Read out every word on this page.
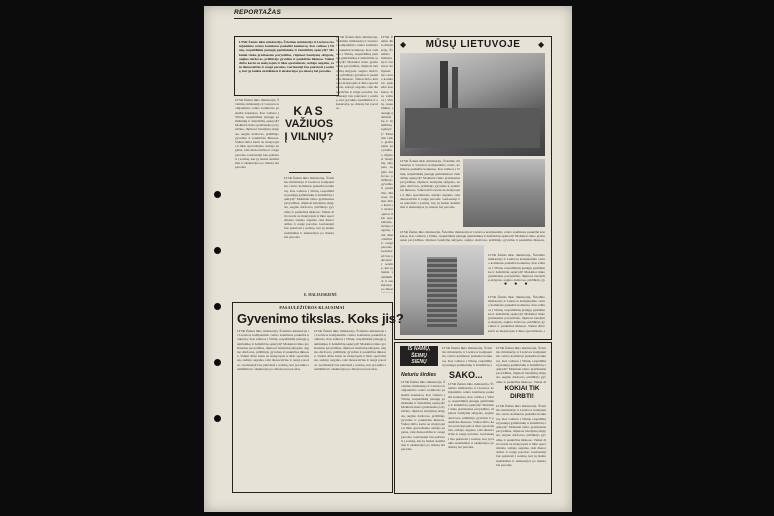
REPORTAŽAS
LTSR Žemės ūkio ministerija, Švietimo ministerija ir Lietuvos komjaunimo centro komitetas paskelbė konkursą. Kas važiuos į Vilnių, respublikinį jaunųjų gamtininkų ir žemdirbių sąskrydį? Mokiniai rinko gražiausius pavyzdžius, rūpinosi bandymų sklypais, augino daržoves, prižiūrėjo gyvulius ir paukščius ūkiuose. Vaikai dirbo kartu su mokytojais ir ūkio specialistais, stebėjo augalus, rašė dienoraščius ir rengė parodas. Geriausieji bus pakviesti į sostinę, kur jų laukia susitikimai ir ekskursijos po miestą bei parodas.
LTSR Žemės ūkio ministerija, Švietimo ministerija ir Lietuvos komjaunimo centro komitetas paskelbė konkursą. Kas važiuos į Vilnių, respublikinį jaunųjų gamtininkų ir žemdirbių sąskrydį? Mokiniai rinko gražiausius pavyzdžius, rūpinosi bandymų sklypais, augino daržoves, prižiūrėjo gyvulius ir paukščius ūkiuose. Vaikai dirbo kartu su mokytojais ir ūkio specialistais, stebėjo augalus, rašė dienoraščius ir rengė parodas. Geriausieji bus pakviesti į sostinę, kur jų laukia susitikimai ir ekskursijos po miestą bei parodas.
LTSR Žemės ūkio ministerija, Švietimo ministerija ir Lietuvos komjaunimo centro komitetas paskelbė konkursą. Kas važiuos į Vilnių, respublikinį jaunųjų gamtininkų ir žemdirbių sąskrydį? Mokiniai rinko gražiausius pavyzdžius, rūpinosi bandymų sklypais, augino daržoves, prižiūrėjo gyvulius ir paukščius ūkiuose. Vaikai dirbo kartu su mokytojais ir ūkio specialistais, stebėjo augalus, rašė dienoraščius ir rengė parodas. Geriausieji bus pakviesti į sostinę, kur jų laukia susitikimai ir ekskursijos po miestą bei parodas.
KAS
VAŽIUOS
Į VILNIŲ?
LTSR Žemės ūkio ministerija, Švietimo ministerija ir Lietuvos komjaunimo centro komitetas paskelbė konkursą. Kas važiuos į Vilnių, respublikinį jaunųjų gamtininkų ir žemdirbių sąskrydį? Mokiniai rinko gražiausius pavyzdžius, rūpinosi bandymų sklypais, augino daržoves, prižiūrėjo gyvulius ir paukščius ūkiuose. Vaikai dirbo kartu su mokytojais ir ūkio specialistais, stebėjo augalus, rašė dienoraščius ir rengė parodas. Geriausieji bus pakviesti į sostinę, kur jų laukia susitikimai ir ekskursijos po miestą bei parodas.
E. MALIAUSKIENĖ
LTSR Žemės ūkio ministerija, Švietimo ministerija ir Lietuvos komjaunimo centro komitetas paskelbė konkursą. Kas važiuos į Vilnių, respublikinį jaunųjų gamtininkų ir žemdirbių sąskrydį? Mokiniai rinko gražiausius pavyzdžius, rūpinosi bandymų sklypais, augino daržoves, prižiūrėjo gyvulius ir paukščius ūkiuose. Vaikai dirbo kartu su mokytojais ir ūkio specialistais, stebėjo augalus, rašė dienoraščius ir rengė parodas. Geriausieji bus pakviesti į sostinę, kur jų laukia susitikimai ir ekskursijos po miest
MŪSŲ LIETUVOJE
◆	◆
LTSR Žemės ūkio ministerija, Švietimo ministerija ir Lietuvos komjaunimo centro komitetas paskelbė konkursą. Kas važiuos į Vilnių, respublikinį jaunųjų gamtininkų ir žemdirbių sąskrydį? Mokiniai rinko gražiausius pavyzdžius, rūpinosi bandymų sklypais, augino daržoves, prižiūrėjo gyvulius ir paukščius ūkiuose. Vaikai dirbo kartu su mokytojais ir ūkio specialistais, stebėjo augalus, rašė dienoraščius ir rengė parodas. Geriausieji bus pakviesti į sostinę, kur jų laukia susitikimai ir ekskursijos po miestą bei parodas.
LTSR Žemės ūkio ministerija, Švietimo ministerija ir Lietuvos komjaunimo centro komitetas paskelbė konkursą. Kas važiuos į Vilnių, respublikinį jaunųjų gamtininkų ir žemdirbių sąskrydį? Mokiniai rinko gražiausius pavyzdžius, rūpinosi bandymų sklypais, augino daržoves, prižiūrėjo gyvulius ir paukščius ūkiuose.
LTSR Žemės ūkio ministerija, Švietimo ministerija ir Lietuvos komjaunimo centro komitetas paskelbė konkursą. Kas važiuos į Vilnių, respublikinį jaunųjų gamtininkų ir žemdirbių sąskrydį? Mokiniai rinko gražiausius pavyzdžius, rūpinosi bandymų sklypais, augino daržoves, prižiūrėjo gy
● ● ●
LTSR Žemės ūkio ministerija, Švietimo ministerija ir Lietuvos komjaunimo centro komitetas paskelbė konkursą. Kas važiuos į Vilnių, respublikinį jaunųjų gamtininkų ir žemdirbių sąskrydį? Mokiniai rinko gražiausius pavyzdžius, rūpinosi bandymų sklypais, augino daržoves, prižiūrėjo gyvulius ir paukščius ūkiuose. Vaikai dirbo kartu su mokytojais ir ūkio specialistais, s
PASAULĖŽIŪROS KLAUSIMAI
Gyvenimo tikslas. Koks jis?
LTSR Žemės ūkio ministerija, Švietimo ministerija ir Lietuvos komjaunimo centro komitetas paskelbė konkursą. Kas važiuos į Vilnių, respublikinį jaunųjų gamtininkų ir žemdirbių sąskrydį? Mokiniai rinko gražiausius pavyzdžius, rūpinosi bandymų sklypais, augino daržoves, prižiūrėjo gyvulius ir paukščius ūkiuose. Vaikai dirbo kartu su mokytojais ir ūkio specialistais, stebėjo augalus, rašė dienoraščius ir rengė parodas. Geriausieji bus pakviesti į sostinę, kur jų laukia susitikimai ir ekskursijos po miestą bei parodas.
LTSR Žemės ūkio ministerija, Švietimo ministerija ir Lietuvos komjaunimo centro komitetas paskelbė konkursą. Kas važiuos į Vilnių, respublikinį jaunųjų gamtininkų ir žemdirbių sąskrydį? Mokiniai rinko gražiausius pavyzdžius, rūpinosi bandymų sklypais, augino daržoves, prižiūrėjo gyvulius ir paukščius ūkiuose. Vaikai dirbo kartu su mokytojais ir ūkio specialistais, stebėjo augalus, rašė dienoraščius ir rengė parodas. Geriausieji bus pakviesti į sostinę, kur jų laukia susitikimai ir ekskursijos po miestą bei parodas.
IŠ NAMŲ,
ŠEIMŲ
SIENŲ
LTSR Žemės ūkio ministerija, Švietimo ministerija ir Lietuvos komjaunimo centro komitetas paskelbė konkursą. Kas važiuos į Vilnių, respublikinį jaunųjų gamtininkų ir žemdirbių s
SAKO...
Neturiu širdies
LTSR Žemės ūkio ministerija, Švietimo ministerija ir Lietuvos komjaunimo centro komitetas paskelbė konkursą. Kas važiuos į Vilnių, respublikinį jaunųjų gamtininkų ir žemdirbių sąskrydį? Mokiniai rinko gražiausius pavyzdžius, rūpinosi bandymų sklypais, augino daržoves, prižiūrėjo gyvulius ir paukščius ūkiuose. Vaikai dirbo kartu su mokytojais ir ūkio specialistais, stebėjo augalus, rašė dienoraščius ir rengė parodas. Geriausieji bus pakviesti į sostinę, kur jų laukia susitikimai ir ekskursijos po miestą bei parodas.
LTSR Žemės ūkio ministerija, Švietimo ministerija ir Lietuvos komjaunimo centro komitetas paskelbė konkursą. Kas važiuos į Vilnių, respublikinį jaunųjų gamtininkų ir žemdirbių sąskrydį? Mokiniai rinko gražiausius pavyzdžius, rūpinosi bandymų sklypais, augino daržoves, prižiūrėjo gyvulius ir paukščius ūkiuose. Vaikai dirbo kartu su mokytojais ir ūkio specialistais, stebėjo augalus, rašė dienoraščius ir rengė parodas. Geriausieji bus pakviesti į sostinę, kur jų laukia susitikimai ir ekskursijos po miestą bei parodas.
LTSR Žemės ūkio ministerija, Švietimo ministerija ir Lietuvos komjaunimo centro komitetas paskelbė konkursą. Kas važiuos į Vilnių, respublikinį jaunųjų gamtininkų ir žemdirbių sąskrydį? Mokiniai rinko gražiausius pavyzdžius, rūpinosi bandymų sklypais, augino daržoves, prižiūrėjo gyvulius ir paukščius ūkiuose. Vaikai di
KOKIAI TIK
DIRBTI!
LTSR Žemės ūkio ministerija, Švietimo ministerija ir Lietuvos komjaunimo centro komitetas paskelbė konkursą. Kas važiuos į Vilnių, respublikinį jaunųjų gamtininkų ir žemdirbių sąskrydį? Mokiniai rinko gražiausius pavyzdžius, rūpinosi bandymų sklypais, augino daržoves, prižiūrėjo gyvulius ir paukščius ūkiuose. Vaikai dirbo kartu su mokytojais ir ūkio specialistais, stebėjo augalus, rašė dienoraščius ir rengė parodas. Geriausieji bus pakviesti į sostinę, kur jų laukia susitikimai ir ekskursijos po miestą bei parodas.
